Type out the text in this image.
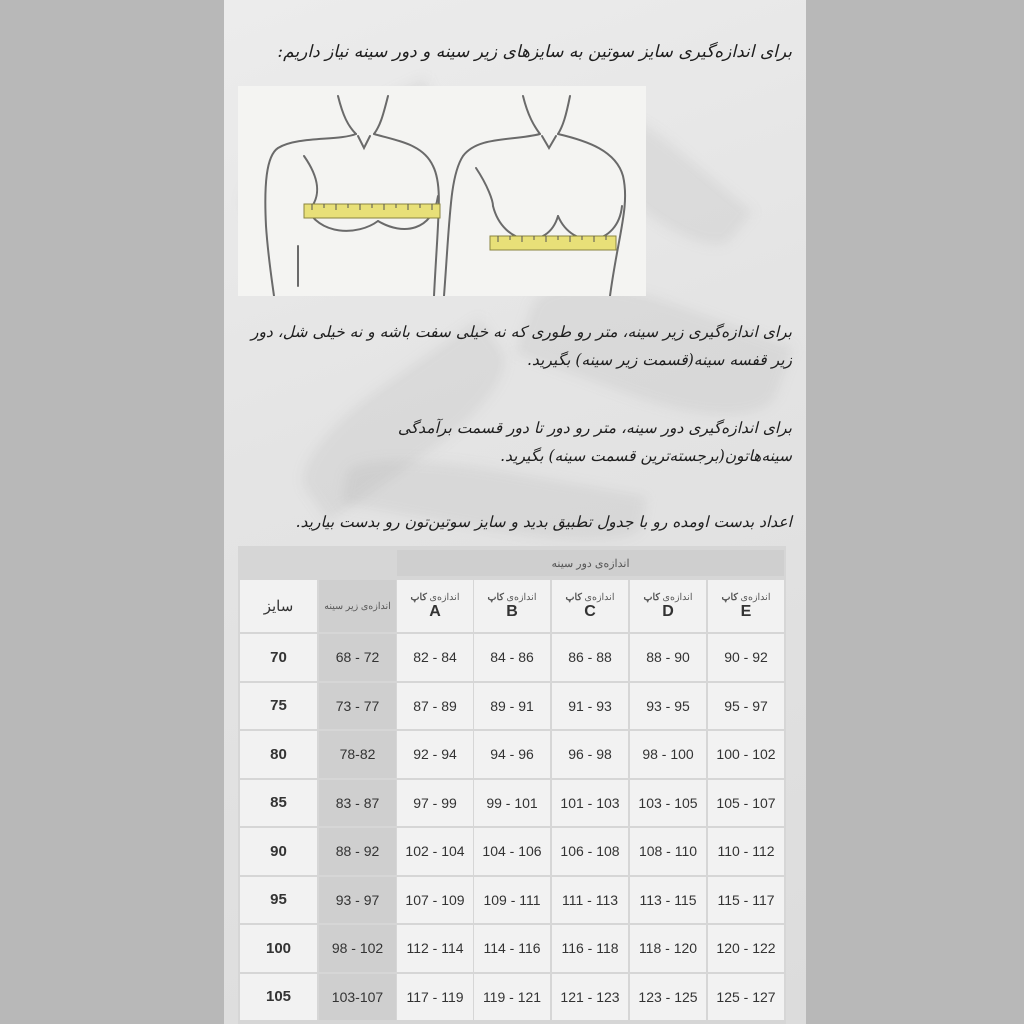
برای اندازه‌گیری سایز سوتین به سایزهای زیر سینه و دور سینه نیاز داریم:
برای اندازه‌گیری زیر سینه، متر رو طوری که نه خیلی سفت باشه و نه خیلی شل، دور زیر قفسه سینه(قسمت زیر سینه) بگیرید.
برای اندازه‌گیری دور سینه، متر رو دور تا دور قسمت برآمدگی سینه‌هاتون(برجسته‌ترین قسمت سینه) بگیرید.
اعداد بدست اومده رو با جدول تطبیق بدید و سایز سوتین‌تون رو بدست بیارید.
اندازه‌ی دور سینه
سایز	اندازه‌ی زیر سینه
اندازه‌ی کاپ
A
اندازه‌ی کاپ
B
اندازه‌ی کاپ
C
اندازه‌ی کاپ
D
اندازه‌ی کاپ
E
70	68 - 72	82 - 84	84 - 86	86 - 88	88 - 90	90 - 92
75	73 - 77	87 - 89	89 - 91	91 - 93	93 - 95	95 - 97
80	78-82	92 - 94	94 - 96	96 - 98	98 - 100	100 - 102
85	83 - 87	97 - 99	99 - 101	101 - 103	103 - 105	105 - 107
90	88 - 92	102 - 104	104 - 106	106 - 108	108 - 110	110 - 112
95	93 - 97	107 - 109	109 - 111	111 - 113	113 - 115	115 - 117
100	98 - 102	112 - 114	114 - 116	116 - 118	118 - 120	120 - 122
105	103-107	117 - 119	119 - 121	121 - 123	123 - 125	125 - 127
